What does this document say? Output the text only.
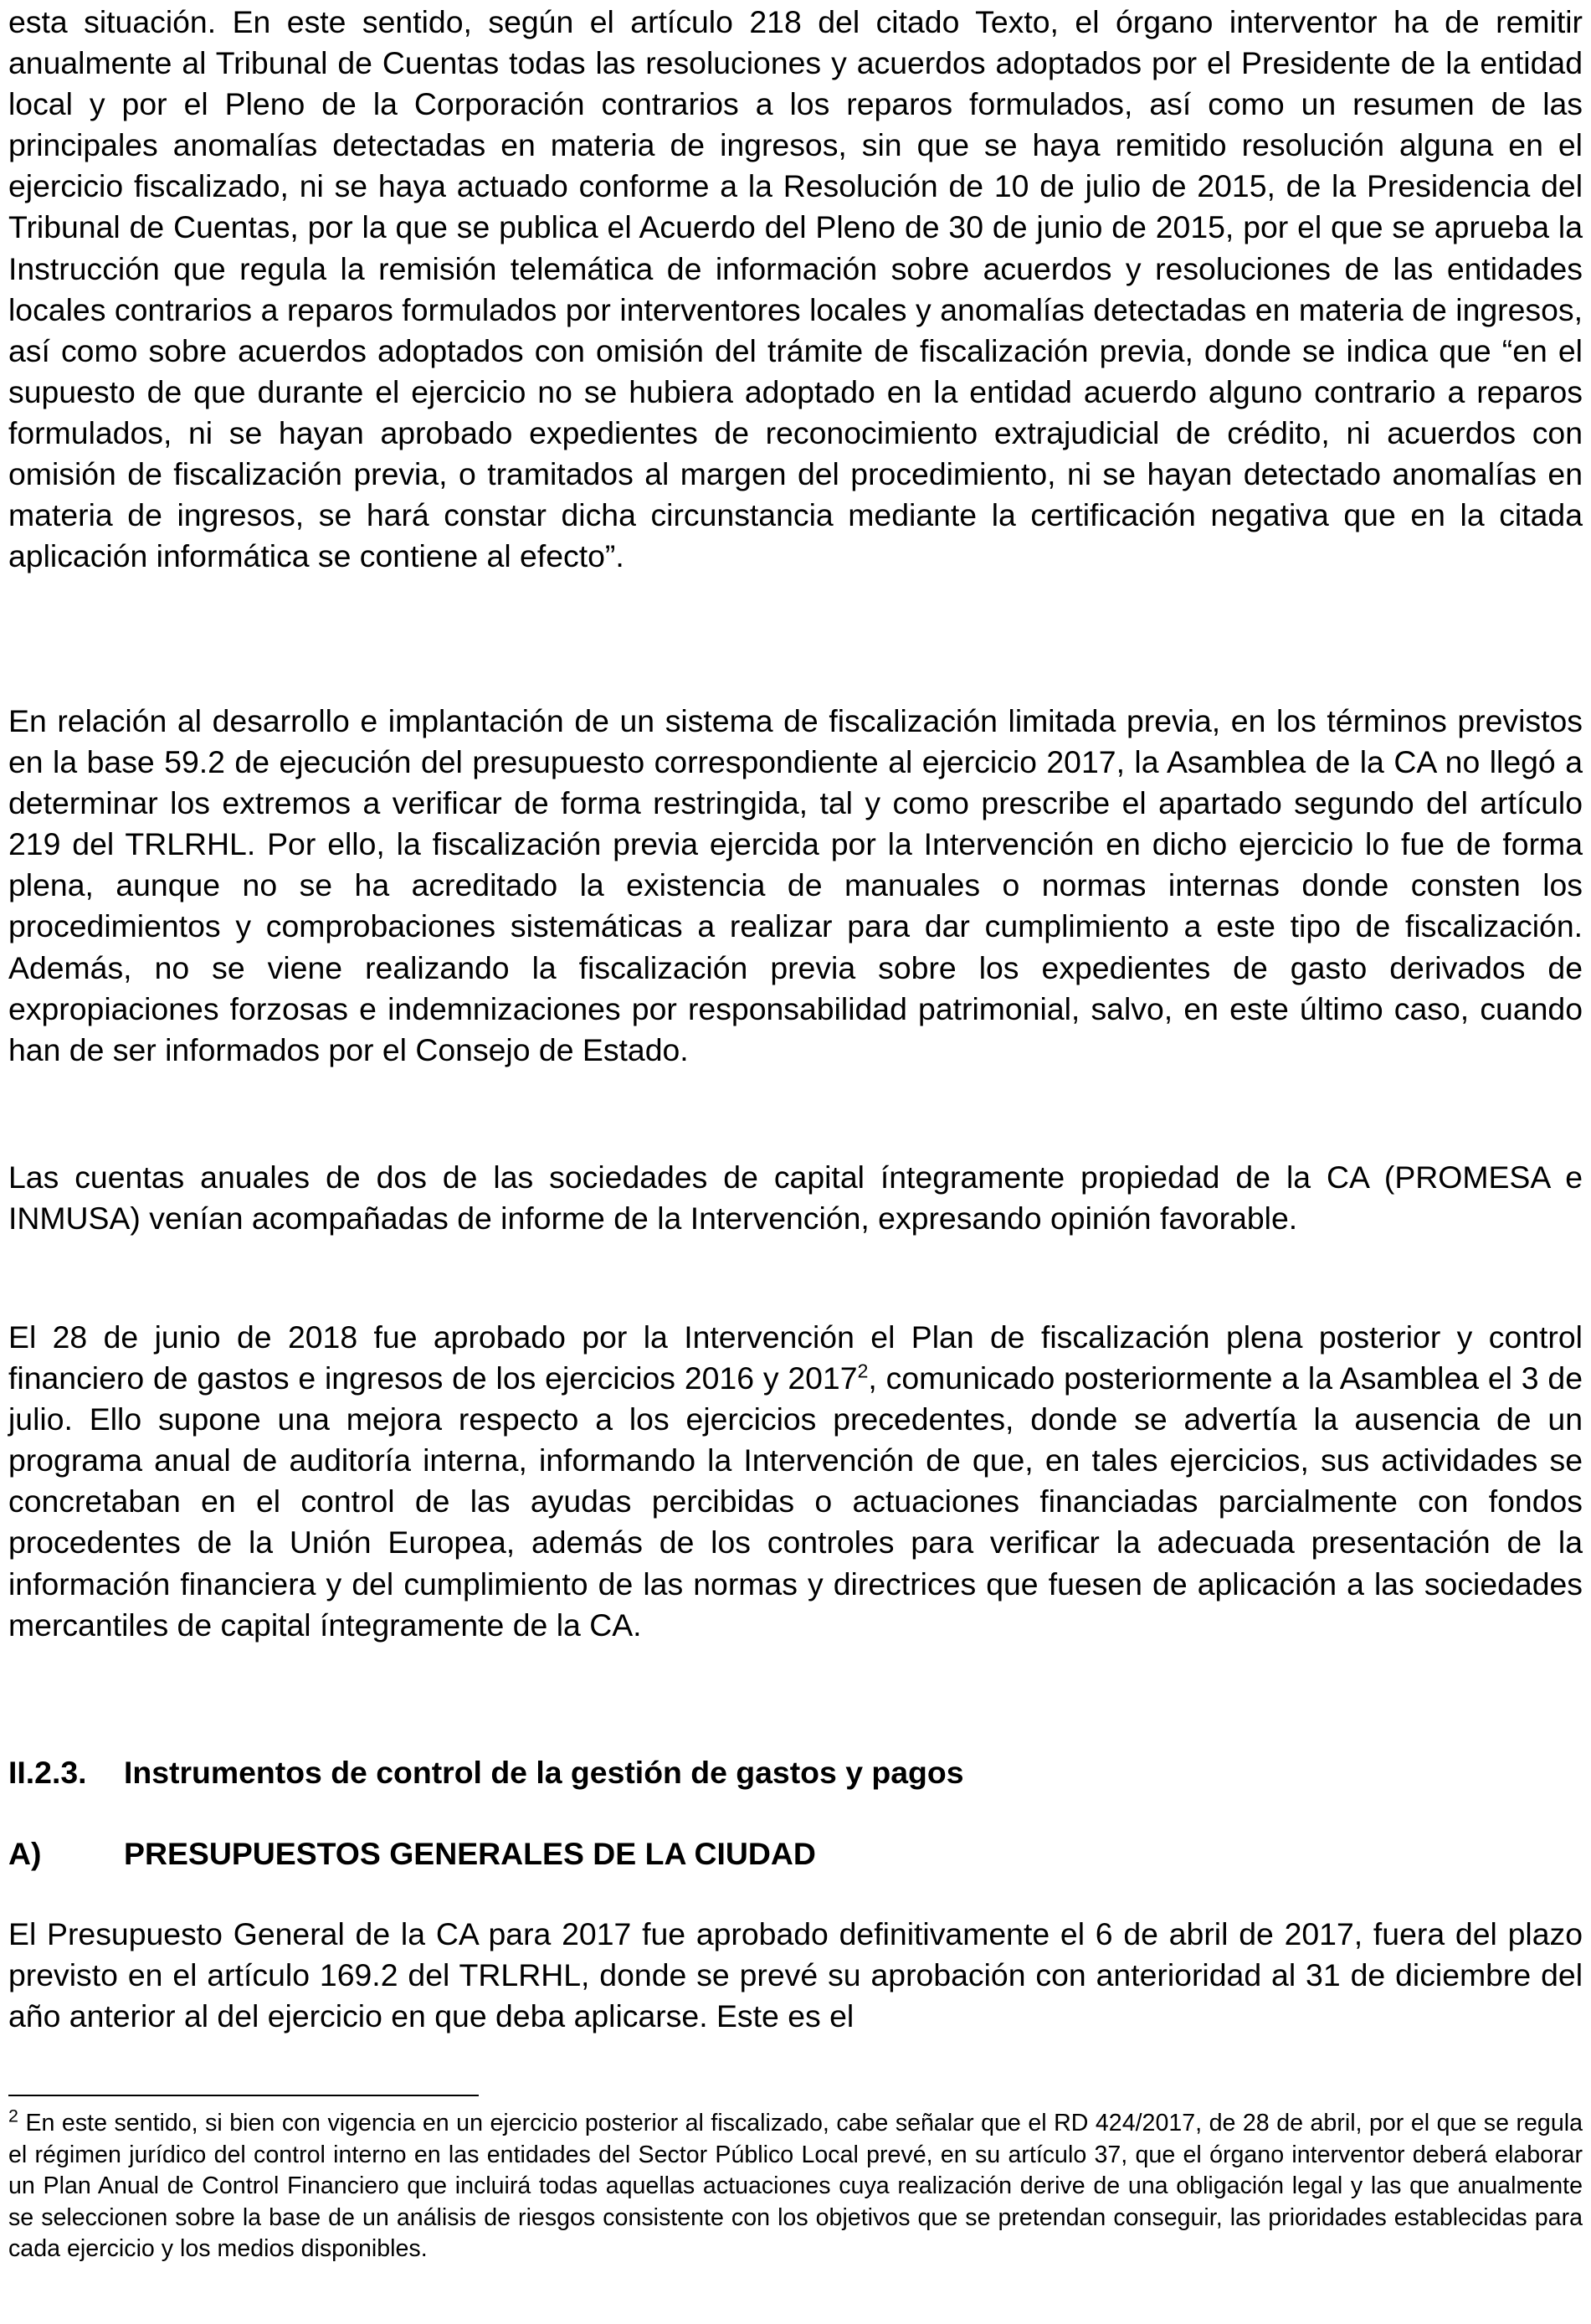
esta situación. En este sentido, según el artículo 218 del citado Texto, el órgano interventor ha de remitir anualmente al Tribunal de Cuentas todas las resoluciones y acuerdos adoptados por el Presidente de la entidad local y por el Pleno de la Corporación contrarios a los reparos formulados, así como un resumen de las principales anomalías detectadas en materia de ingresos, sin que se haya remitido resolución alguna en el ejercicio fiscalizado, ni se haya actuado conforme a la Resolución de 10 de julio de 2015, de la Presidencia del Tribunal de Cuentas, por la que se publica el Acuerdo del Pleno de 30 de junio de 2015, por el que se aprueba la Instrucción que regula la remisión telemática de información sobre acuerdos y resoluciones de las entidades locales contrarios a reparos formulados por interventores locales y anomalías detectadas en materia de ingresos, así como sobre acuerdos adoptados con omisión del trámite de fiscalización previa, donde se indica que “en el supuesto de que durante el ejercicio no se hubiera adoptado en la entidad acuerdo alguno contrario a reparos formulados, ni se hayan aprobado expedientes de reconocimiento extrajudicial de crédito, ni acuerdos con omisión de fiscalización previa, o tramitados al margen del procedimiento, ni se hayan detectado anomalías en materia de ingresos, se hará constar dicha circunstancia mediante la certificación negativa que en la citada aplicación informática se contiene al efecto”.

En relación al desarrollo e implantación de un sistema de fiscalización limitada previa, en los términos previstos en la base 59.2 de ejecución del presupuesto correspondiente al ejercicio 2017, la Asamblea de la CA no llegó a determinar los extremos a verificar de forma restringida, tal y como prescribe el apartado segundo del artículo 219 del TRLRHL. Por ello, la fiscalización previa ejercida por la Intervención en dicho ejercicio lo fue de forma plena, aunque no se ha acreditado la existencia de manuales o normas internas donde consten los procedimientos y comprobaciones sistemáticas a realizar para dar cumplimiento a este tipo de fiscalización. Además, no se viene realizando la fiscalización previa sobre los expedientes de gasto derivados de expropiaciones forzosas e indemnizaciones por responsabilidad patrimonial, salvo, en este último caso, cuando han de ser informados por el Consejo de Estado.

Las cuentas anuales de dos de las sociedades de capital íntegramente propiedad de la CA (PROMESA e INMUSA) venían acompañadas de informe de la Intervención, expresando opinión favorable.

El 28 de junio de 2018 fue aprobado por la Intervención el Plan de fiscalización plena posterior y control financiero de gastos e ingresos de los ejercicios 2016 y 2017$^2$, comunicado posteriormente a la Asamblea el 3 de julio. Ello supone una mejora respecto a los ejercicios precedentes, donde se advertía la ausencia de un programa anual de auditoría interna, informando la Intervención de que, en tales ejercicios, sus actividades se concretaban en el control de las ayudas percibidas o actuaciones financiadas parcialmente con fondos procedentes de la Unión Europea, además de los controles para verificar la adecuada presentación de la información financiera y del cumplimiento de las normas y directrices que fuesen de aplicación a las sociedades mercantiles de capital íntegramente de la CA.

II.2.3. Instrumentos de control de la gestión de gastos y pagos
A)	PRESUPUESTOS GENERALES DE LA CIUDAD

El Presupuesto General de la CA para 2017 fue aprobado definitivamente el 6 de abril de 2017, fuera del plazo previsto en el artículo 169.2 del TRLRHL, donde se prevé su aprobación con anterioridad al 31 de diciembre del año anterior al del ejercicio en que deba aplicarse. Este es el

$^2$ En este sentido, si bien con vigencia en un ejercicio posterior al fiscalizado, cabe señalar que el RD 424/2017, de 28 de abril, por el que se regula el régimen jurídico del control interno en las entidades del Sector Público Local prevé, en su artículo 37, que el órgano interventor deberá elaborar un Plan Anual de Control Financiero que incluirá todas aquellas actuaciones cuya realización derive de una obligación legal y las que anualmente se seleccionen sobre la base de un análisis de riesgos consistente con los objetivos que se pretendan conseguir, las prioridades establecidas para cada ejercicio y los medios disponibles.
